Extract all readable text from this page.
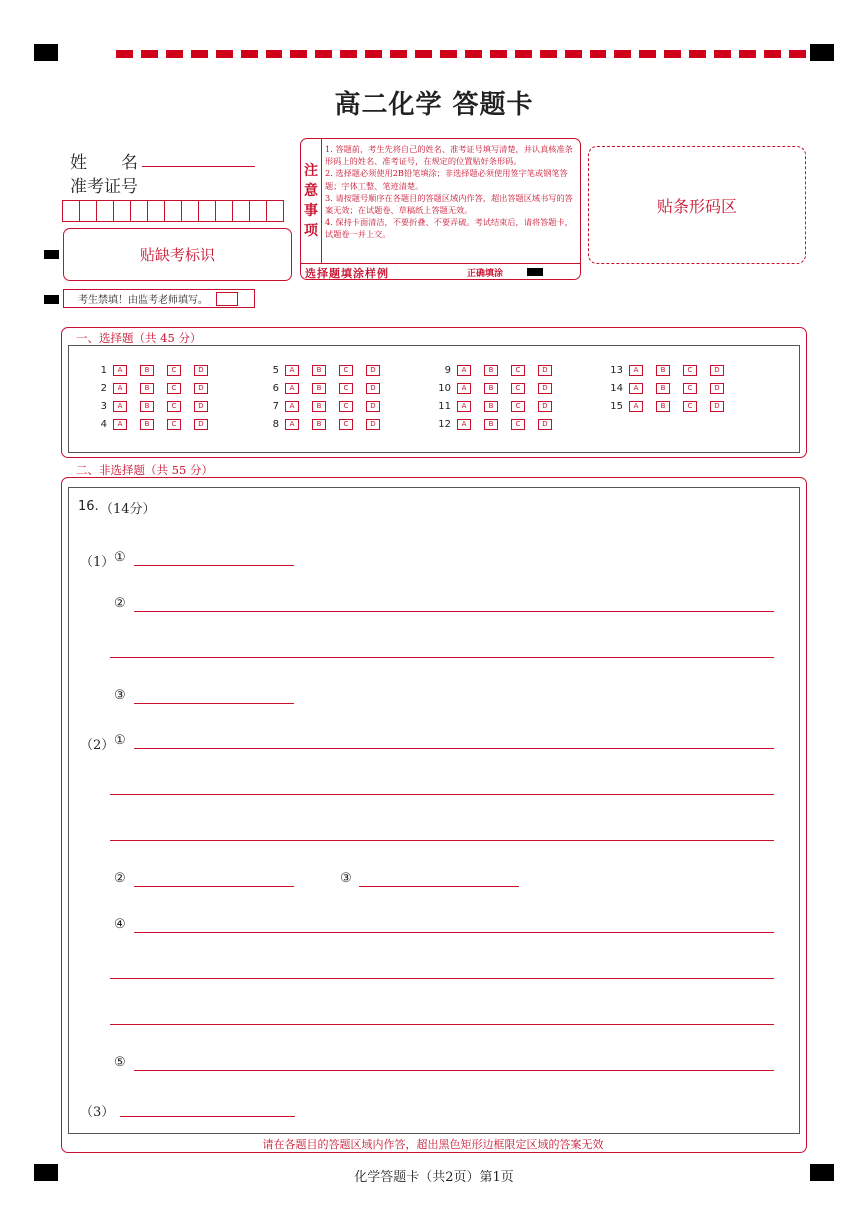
高二化学 答题卡
姓　　名
准考证号
贴缺考标识
考生禁填！由监考老师填写。
注
意
事
项

1. 答题前，考生先将自己的姓名、准考证号填写清楚，并认真核准条形码上的姓名、准考证号，在规定的位置贴好条形码。

2. 选择题必须使用2B铅笔填涂；非选择题必须使用签字笔或钢笔答题；字体工整、笔迹清楚。

3. 请按题号顺序在各题目的答题区域内作答，超出答题区域书写的答案无效；在试题卷、草稿纸上答题无效。

4. 保持卡面清洁，不要折叠、不要弄破。考试结束后，请将答题卡，试题卷一并上交。

选择题填涂样例	正确填涂
贴条形码区
一、选择题（共 45 分）
1	A	B	C	D
2	A	B	C	D
3	A	B	C	D
4	A	B	C	D
5	A	B	C	D
6	A	B	C	D
7	A	B	C	D
8	A	B	C	D
9	A	B	C	D
10	A	B	C	D
11	A	B	C	D
12	A	B	C	D
13	A	B	C	D
14	A	B	C	D
15	A	B	C	D
二、非选择题（共 55 分）
16. （14分）
（1） ①
②
③
（2） ①
②	③
④
⑤
（3）
请在各题目的答题区域内作答，超出黑色矩形边框限定区域的答案无效
化学答题卡（共2页）第1页
